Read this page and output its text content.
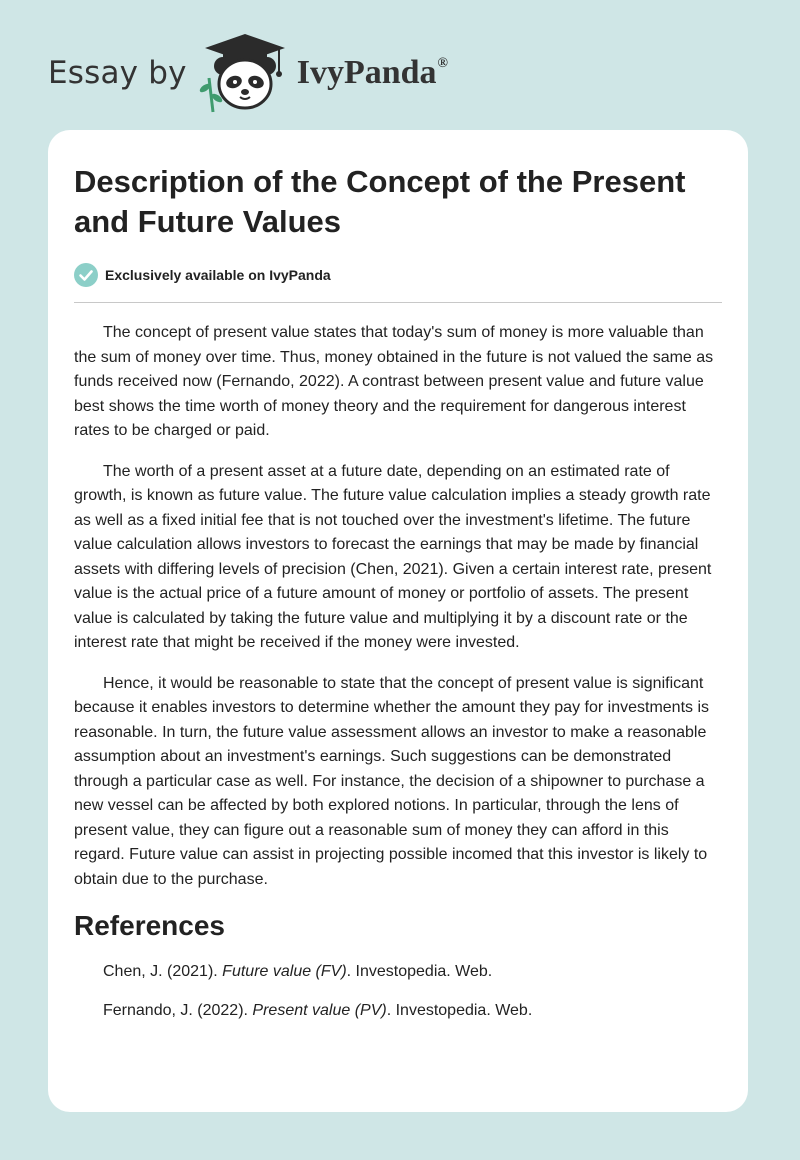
Essay by	IvyPanda®
Description of the Concept of the Present and Future Values
Exclusively available on IvyPanda

The concept of present value states that today's sum of money is more valuable than the sum of money over time. Thus, money obtained in the future is not valued the same as funds received now (Fernando, 2022). A contrast between present value and future value best shows the time worth of money theory and the requirement for dangerous interest rates to be charged or paid.

The worth of a present asset at a future date, depending on an estimated rate of growth, is known as future value. The future value calculation implies a steady growth rate as well as a fixed initial fee that is not touched over the investment's lifetime. The future value calculation allows investors to forecast the earnings that may be made by financial assets with differing levels of precision (Chen, 2021). Given a certain interest rate, present value is the actual price of a future amount of money or portfolio of assets. The present value is calculated by taking the future value and multiplying it by a discount rate or the interest rate that might be received if the money were invested.

Hence, it would be reasonable to state that the concept of present value is significant because it enables investors to determine whether the amount they pay for investments is reasonable. In turn, the future value assessment allows an investor to make a reasonable assumption about an investment's earnings. Such suggestions can be demonstrated through a particular case as well. For instance, the decision of a shipowner to purchase a new vessel can be affected by both explored notions. In particular, through the lens of present value, they can figure out a reasonable sum of money they can afford in this regard. Future value can assist in projecting possible incomed that this investor is likely to obtain due to the purchase.

References
Chen, J. (2021). Future value (FV). Investopedia. Web.
Fernando, J. (2022). Present value (PV). Investopedia. Web.
